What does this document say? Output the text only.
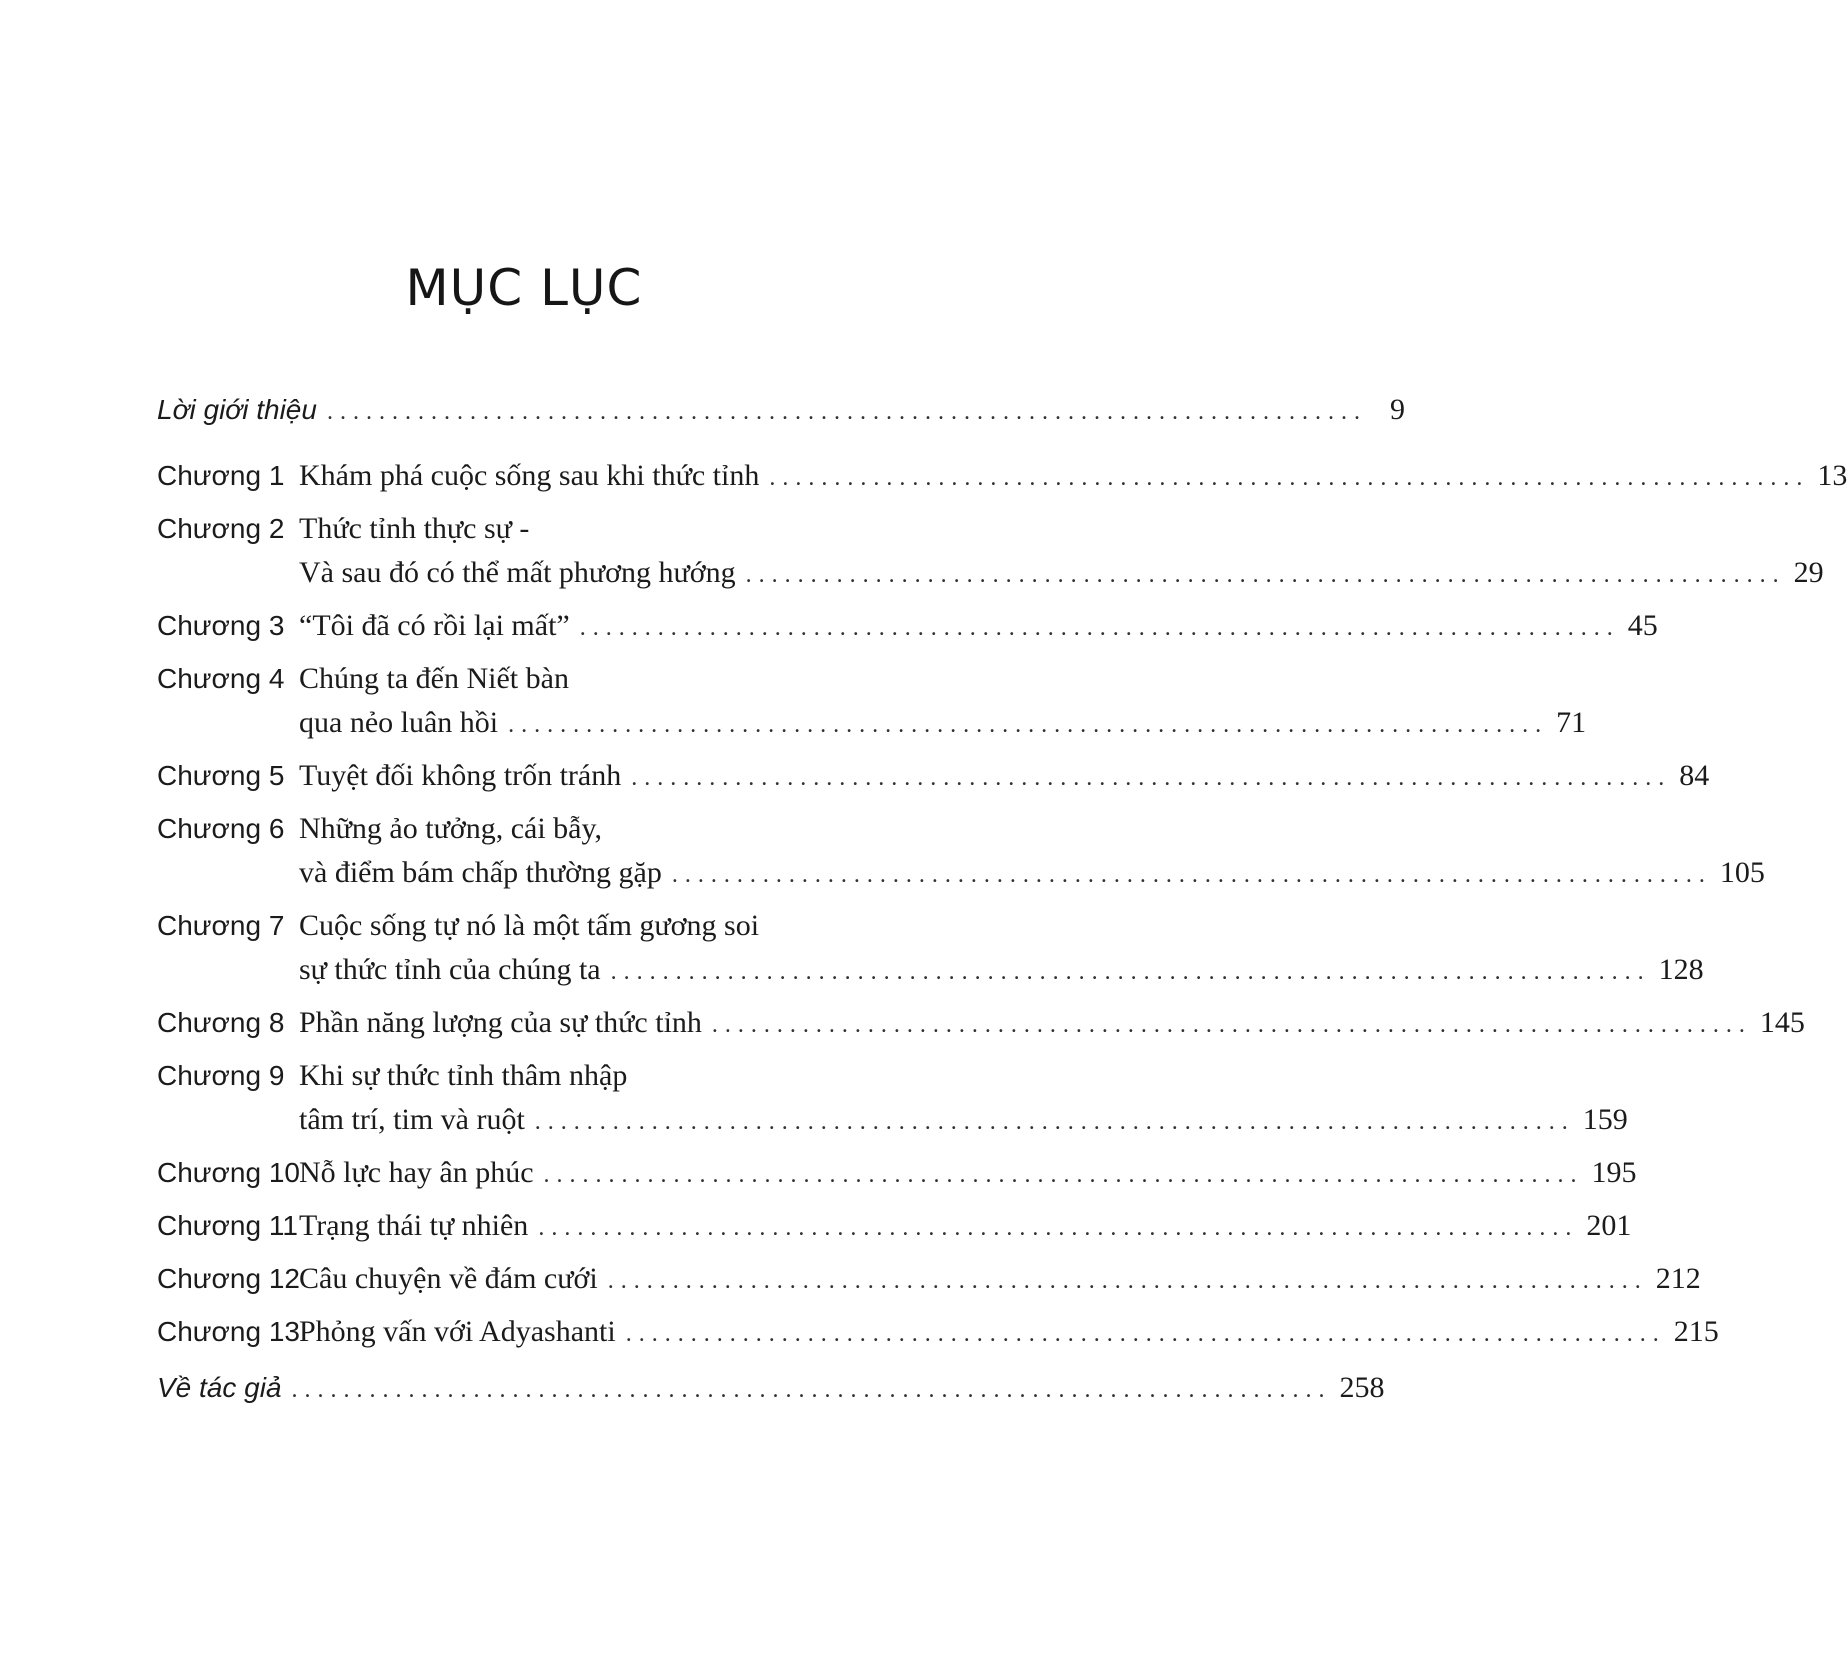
MỤC LỤC
Lời giới thiệu ................................................................................ 9
Chương 1 Khám phá cuộc sống sau khi thức tỉnh ................................................................................ 13
Chương 2 Thức tỉnh thực sự -
Và sau đó có thể mất phương hướng ................................................................................ 29
Chương 3 “Tôi đã có rồi lại mất” ................................................................................ 45
Chương 4 Chúng ta đến Niết bàn
qua nẻo luân hồi ................................................................................ 71
Chương 5 Tuyệt đối không trốn tránh ................................................................................ 84
Chương 6 Những ảo tưởng, cái bẫy,
và điểm bám chấp thường gặp ................................................................................ 105
Chương 7 Cuộc sống tự nó là một tấm gương soi
sự thức tỉnh của chúng ta ................................................................................ 128
Chương 8 Phần năng lượng của sự thức tỉnh ................................................................................ 145
Chương 9 Khi sự thức tỉnh thâm nhập
tâm trí, tim và ruột ................................................................................ 159
Chương 10 Nỗ lực hay ân phúc ................................................................................ 195
Chương 11 Trạng thái tự nhiên ................................................................................ 201
Chương 12 Câu chuyện về đám cưới ................................................................................ 212
Chương 13 Phỏng vấn với Adyashanti ................................................................................ 215
Về tác giả ................................................................................ 258
